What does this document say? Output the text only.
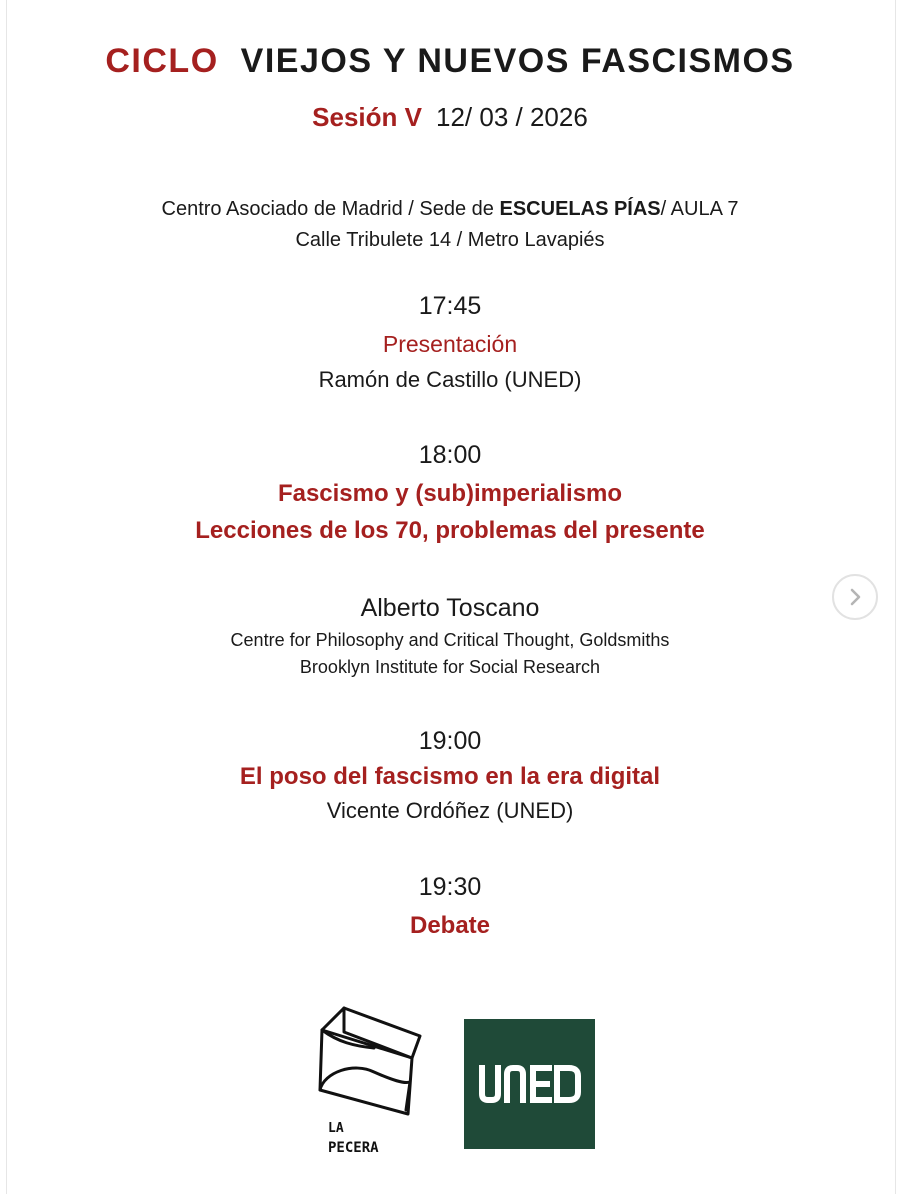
CICLO VIEJOS Y NUEVOS FASCISMOS
Sesión V 12/ 03 / 2026
Centro Asociado de Madrid / Sede de ESCUELAS PÍAS/ AULA 7
Calle Tribulete 14 / Metro Lavapiés
17:45
Presentación
Ramón de Castillo (UNED)
18:00
Fascismo y (sub)imperialismo
Lecciones de los 70, problemas del presente
Alberto Toscano
Centre for Philosophy and Critical Thought, Goldsmiths
Brooklyn Institute for Social Research
19:00
El poso del fascismo en la era digital
Vicente Ordóñez (UNED)
19:30
Debate
LA
PECERA
